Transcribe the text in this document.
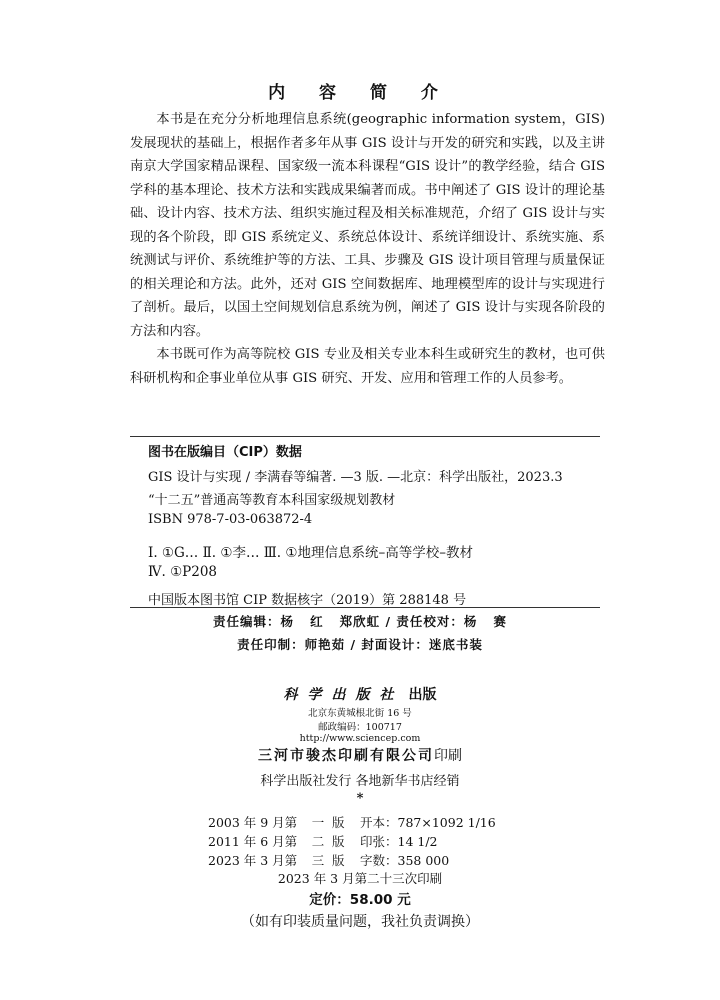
内 容 简 介

本书是在充分分析地理信息系统(geographic information system，GIS)发展现状的基础上，根据作者多年从事 GIS 设计与开发的研究和实践，以及主讲南京大学国家精品课程、国家级一流本科课程“GIS 设计”的教学经验，结合 GIS 学科的基本理论、技术方法和实践成果编著而成。书中阐述了 GIS 设计的理论基础、设计内容、技术方法、组织实施过程及相关标准规范，介绍了 GIS 设计与实现的各个阶段，即 GIS 系统定义、系统总体设计、系统详细设计、系统实施、系统测试与评价、系统维护等的方法、工具、步骤及 GIS 设计项目管理与质量保证的相关理论和方法。此外，还对 GIS 空间数据库、地理模型库的设计与实现进行了剖析。最后，以国土空间规划信息系统为例，阐述了 GIS 设计与实现各阶段的方法和内容。

本书既可作为高等院校 GIS 专业及相关专业本科生或研究生的教材，也可供科研机构和企事业单位从事 GIS 研究、开发、应用和管理工作的人员参考。

图书在版编目（CIP）数据
GIS 设计与实现 / 李满春等编著. —3 版. —北京：科学出版社，2023.3
“十二五”普通高等教育本科国家级规划教材
ISBN 978-7-03-063872-4
Ⅰ. ①G… Ⅱ. ①李… Ⅲ. ①地理信息系统–高等学校–教材
Ⅳ. ①P208
中国版本图书馆 CIP 数据核字（2019）第 288148 号
责任编辑：杨   红   郑欣虹 / 责任校对：杨   赛
责任印制：师艳茹 / 封面设计：迷底书装
科学出版社 出版
北京东黄城根北街 16 号
邮政编码：100717
http://www.sciencep.com
三河市骏杰印刷有限公司印刷
科学出版社发行 各地新华书店经销
*
2003 年 9 月第	一	版	开本：787×1092 1/16
2011 年 6 月第	二	版	印张：14 1/2
2023 年 3 月第	三	版	字数：358 000
2023 年 3 月第二十三次印刷
定价：58.00 元
（如有印装质量问题，我社负责调换）
